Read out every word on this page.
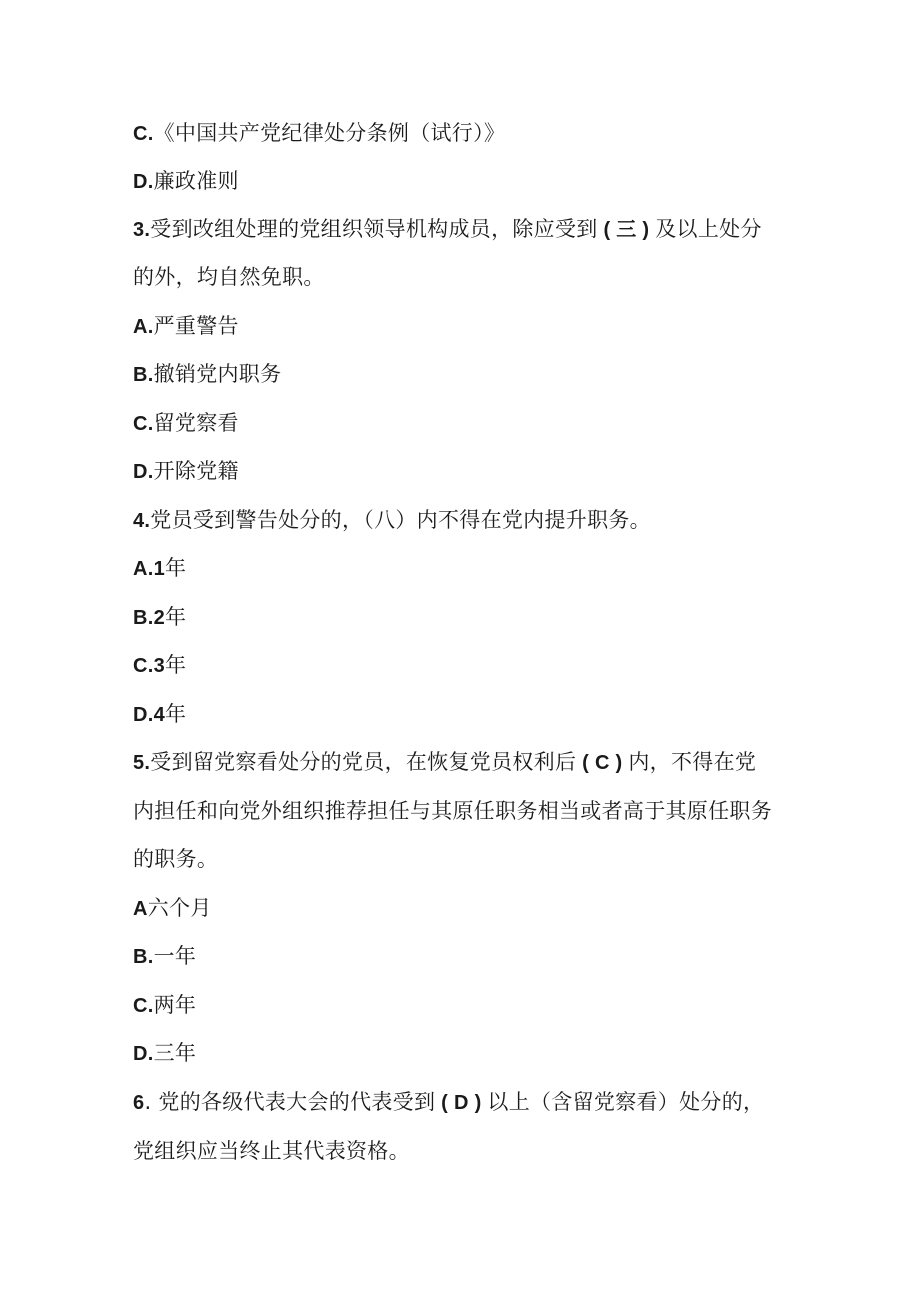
C.《中国共产党纪律处分条例（试行）》
D.廉政准则
3.受到改组处理的党组织领导机构成员，除应受到 ( 三 ) 及以上处分
的外，均自然免职。
A.严重警告
B.撤销党内职务
C.留党察看
D.开除党籍
4.党员受到警告处分的，（八）内不得在党内提升职务。
A.1年
B.2年
C.3年
D.4年
5.受到留党察看处分的党员，在恢复党员权利后 ( C ) 内，不得在党
内担任和向党外组织推荐担任与其原任职务相当或者高于其原任职务
的职务。
A六个月
B.一年
C.两年
D.三年
6. 党的各级代表大会的代表受到 ( D ) 以上（含留党察看）处分的，
党组织应当终止其代表资格。
